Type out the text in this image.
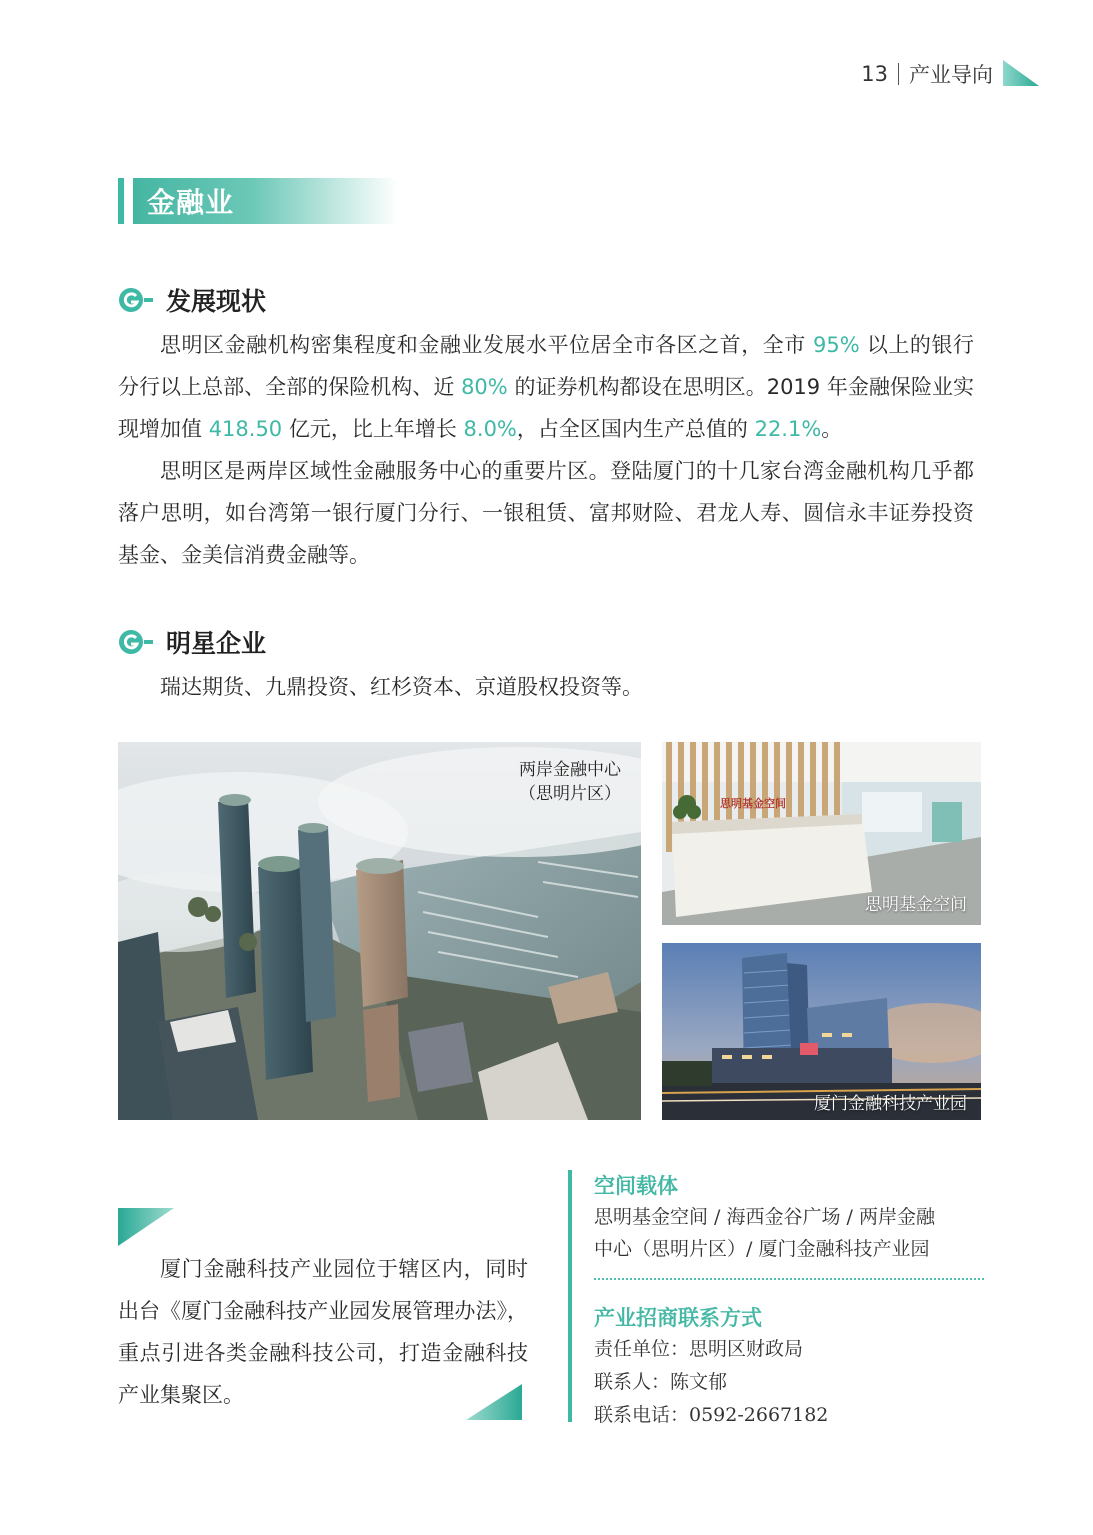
13 产业导向
金融业
发展现状

思明区金融机构密集程度和金融业发展水平位居全市各区之首，全市 95% 以上的银行分行以上总部、全部的保险机构、近 80% 的证券机构都设在思明区。2019 年金融保险业实现增加值 418.50 亿元，比上年增长 8.0%，占全区国内生产总值的 22.1%。

思明区是两岸区域性金融服务中心的重要片区。登陆厦门的十几家台湾金融机构几乎都落户思明，如台湾第一银行厦门分行、一银租赁、富邦财险、君龙人寿、圆信永丰证券投资基金、金美信消费金融等。

明星企业

瑞达期货、九鼎投资、红杉资本、京道股权投资等。

两岸金融中心
（思明片区）	思明基金空间
思明基金空间
厦门金融科技产业园

厦门金融科技产业园位于辖区内，同时出台《厦门金融科技产业园发展管理办法》，重点引进各类金融科技公司，打造金融科技产业集聚区。

空间载体
思明基金空间 / 海西金谷广场 / 两岸金融
中心（思明片区）/ 厦门金融科技产业园
产业招商联系方式
责任单位：思明区财政局
联系人：陈文郁
联系电话：0592-2667182
